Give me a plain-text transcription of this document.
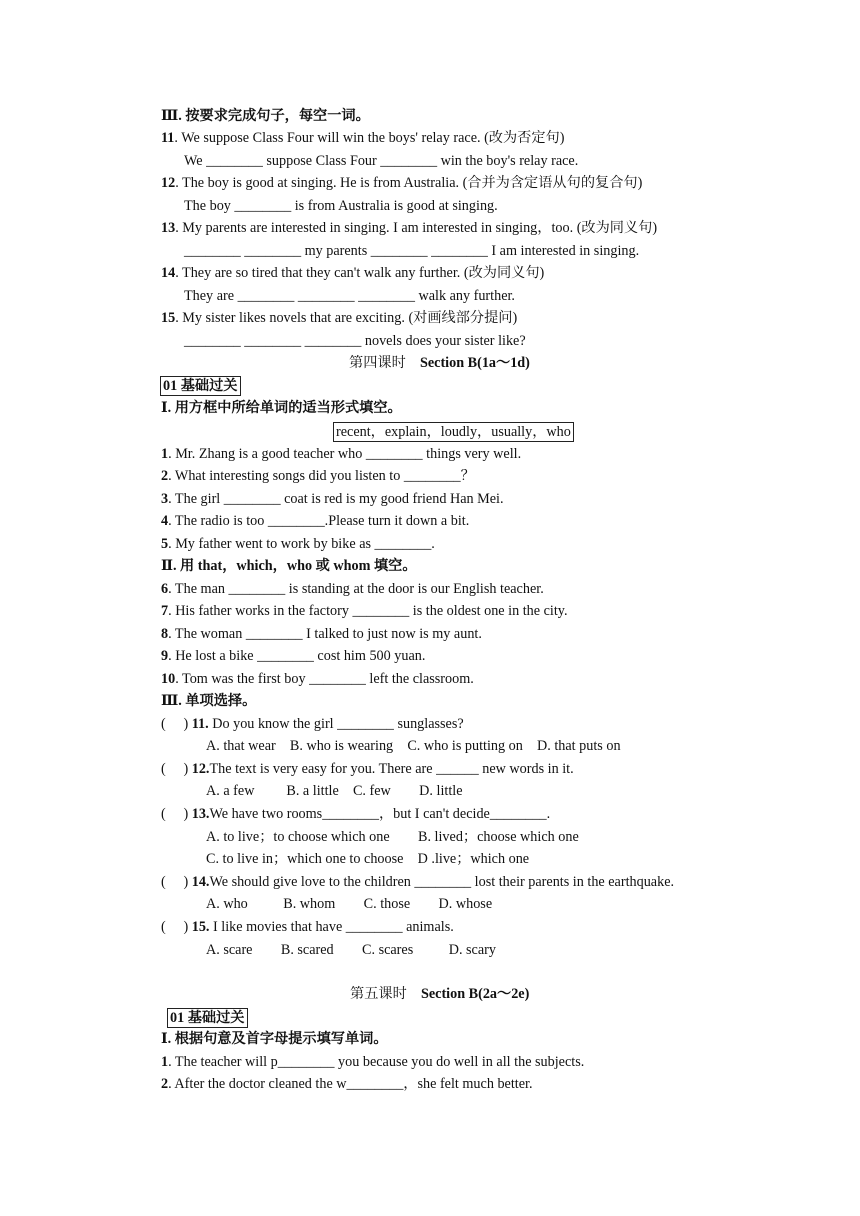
Ⅲ. 按要求完成句子，每空一词。
11. We suppose Class Four will win the boys' relay race. (改为否定句)
We ________ suppose Class Four ________ win the boy's relay race.
12. The boy is good at singing. He is from Australia. (合并为含定语从句的复合句)
The boy ________ is from Australia is good at singing.
13. My parents are interested in singing. I am interested in singing，too. (改为同义句)
________ ________ my parents ________ ________ I am interested in singing.
14. They are so tired that they can't walk any further. (改为同义句)
They are ________ ________ ________ walk any further.
15. My sister likes novels that are exciting. (对画线部分提问)
________ ________ ________ novels does your sister like?
第四课时 Section B(1a～1d)
01 基础过关
Ⅰ. 用方框中所给单词的适当形式填空。
recent，explain，loudly，usually，who
1. Mr. Zhang is a good teacher who ________ things very well.
2. What interesting songs did you listen to ________？
3. The girl ________ coat is red is my good friend Han Mei.
4. The radio is too ________.Please turn it down a bit.
5. My father went to work by bike as ________.
Ⅱ. 用 that，which，who 或 whom 填空。
6. The man ________ is standing at the door is our English teacher.
7. His father works in the factory ________ is the oldest one in the city.
8. The woman ________ I talked to just now is my aunt.
9. He lost a bike ________ cost him 500 yuan.
10. Tom was the first boy ________ left the classroom.
Ⅲ. 单项选择。
(　 ) 11. Do you know the girl ________ sunglasses?
A. that wear    B. who is wearing    C. who is putting on    D. that puts on
(　 ) 12.The text is very easy for you. There are ______ new words in it.
A. a few         B. a little    C. few        D. little
(　 ) 13.We have two rooms________，but I can't decide________.
A. to live；to choose which one        B. lived；choose which one
C. to live in；which one to choose    D .live；which one
(　 ) 14.We should give love to the children ________ lost their parents in the earthquake.
A. who          B. whom        C. those        D. whose
(　 ) 15. I like movies that have ________ animals.
A. scare        B. scared        C. scares          D. scary
第五课时 Section B(2a～2e)
01 基础过关
Ⅰ. 根据句意及首字母提示填写单词。
1. The teacher will p________ you because you do well in all the subjects.
2. After the doctor cleaned the w________，she felt much better.
